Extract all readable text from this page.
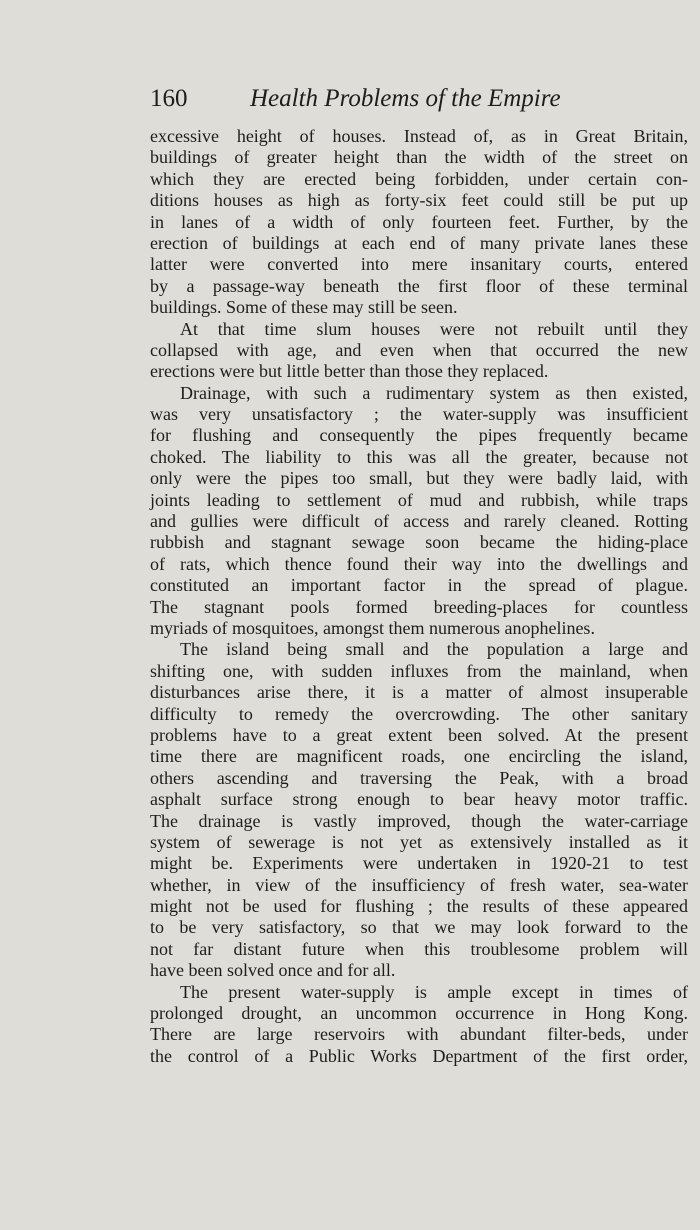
160	Health Problems of the Empire
excessive height of houses. Instead of, as in Great Britain,
buildings of greater height than the width of the street on
which they are erected being forbidden, under certain con-
ditions houses as high as forty-six feet could still be put up
in lanes of a width of only fourteen feet. Further, by the
erection of buildings at each end of many private lanes these
latter were converted into mere insanitary courts, entered
by a passage-way beneath the first floor of these terminal
buildings. Some of these may still be seen.
At that time slum houses were not rebuilt until they
collapsed with age, and even when that occurred the new
erections were but little better than those they replaced.
Drainage, with such a rudimentary system as then existed,
was very unsatisfactory ; the water-supply was insufficient
for flushing and consequently the pipes frequently became
choked. The liability to this was all the greater, because not
only were the pipes too small, but they were badly laid, with
joints leading to settlement of mud and rubbish, while traps
and gullies were difficult of access and rarely cleaned. Rotting
rubbish and stagnant sewage soon became the hiding-place
of rats, which thence found their way into the dwellings and
constituted an important factor in the spread of plague.
The stagnant pools formed breeding-places for countless
myriads of mosquitoes, amongst them numerous anophelines.
The island being small and the population a large and
shifting one, with sudden influxes from the mainland, when
disturbances arise there, it is a matter of almost insuperable
difficulty to remedy the overcrowding. The other sanitary
problems have to a great extent been solved. At the present
time there are magnificent roads, one encircling the island,
others ascending and traversing the Peak, with a broad
asphalt surface strong enough to bear heavy motor traffic.
The drainage is vastly improved, though the water-carriage
system of sewerage is not yet as extensively installed as it
might be. Experiments were undertaken in 1920-21 to test
whether, in view of the insufficiency of fresh water, sea-water
might not be used for flushing ; the results of these appeared
to be very satisfactory, so that we may look forward to the
not far distant future when this troublesome problem will
have been solved once and for all.
The present water-supply is ample except in times of
prolonged drought, an uncommon occurrence in Hong Kong.
There are large reservoirs with abundant filter-beds, under
the control of a Public Works Department of the first order,
